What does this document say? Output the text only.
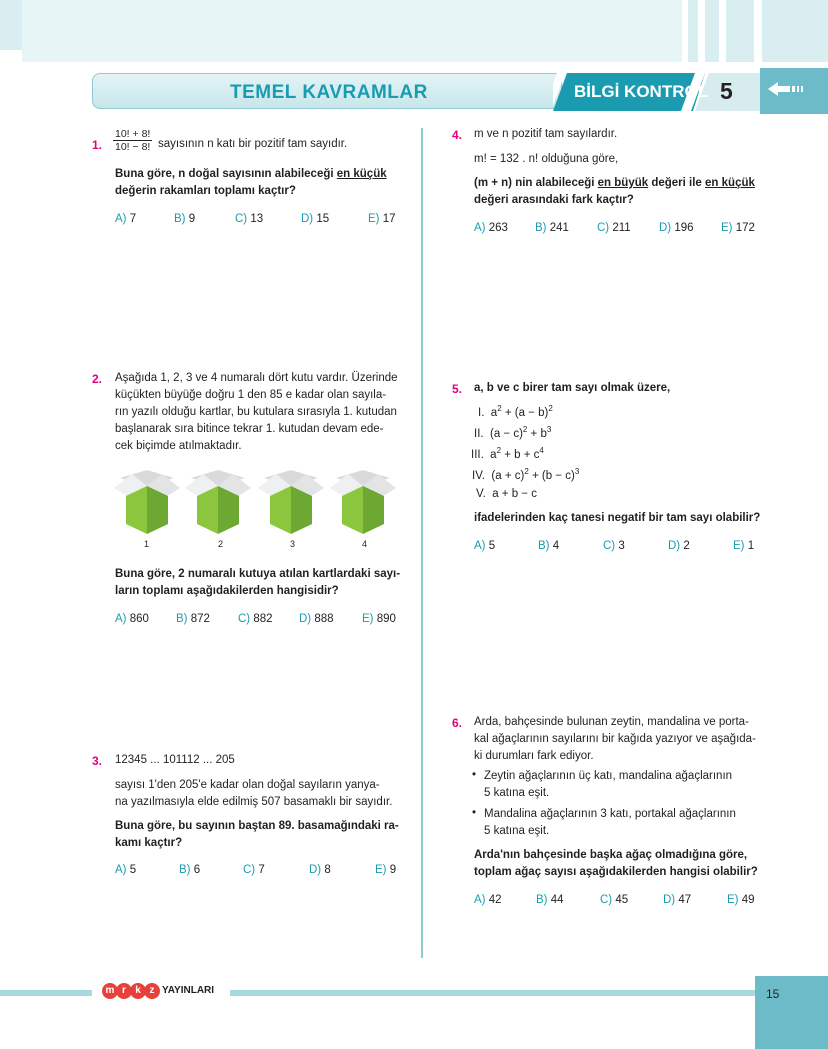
TEMEL KAVRAMLAR	BİLGİ KONTROL 5
1. $\frac{10! + 8!}{10! - 8!}$ sayısının n katı bir pozitif tam sayıdır.
Buna göre, n doğal sayısının alabileceği en küçük
değerin rakamları toplamı kaçtır?
A) 7	B) 9	C) 13	D) 15	E) 17
2. Aşağıda 1, 2, 3 ve 4 numaralı dört kutu vardır. Üzerinde
küçükten büyüğe doğru 1 den 85 e kadar olan sayıla-
rın yazılı olduğu kartlar, bu kutulara sırasıyla 1. kutudan
başlanarak sıra bitince tekrar 1. kutudan devam ede-
cek biçimde atılmaktadır.
1	2	3	4
Buna göre, 2 numaralı kutuya atılan kartlardaki sayı-
ların toplamı aşağıdakilerden hangisidir?
A) 860 B) 872 C) 882 D) 888 E) 890
3. 12345 ... 101112 ... 205
sayısı 1'den 205'e kadar olan doğal sayıların yanya-
na yazılmasıyla elde edilmiş 507 basamaklı bir sayıdır.
Buna göre, bu sayının baştan 89. basamağındaki ra-
kamı kaçtır?
A) 5	B) 6	C) 7	D) 8	E) 9
4. m ve n pozitif tam sayılardır.
m! = 132 . n! olduğuna göre,
(m + n) nin alabileceği en büyük değeri ile en küçük
değeri arasındaki fark kaçtır?
A) 263 B) 241 C) 211 D) 196 E) 172
5. a, b ve c birer tam sayı olmak üzere,
I.  $a^2 + (a - b)^2$
II.  $(a - c)^2 + b^3$
III.  $a^2 + b + c^4$
IV.  $(a + c)^2 + (b - c)^3$
V.  a + b − c
ifadelerinden kaç tanesi negatif bir tam sayı olabilir?
A) 5	B) 4	C) 3	D) 2	E) 1
6. Arda, bahçesinde bulunan zeytin, mandalina ve porta-
kal ağaçlarının sayılarını bir kağıda yazıyor ve aşağıda-
ki durumları fark ediyor.
• Zeytin ağaçlarının üç katı, mandalina ağaçlarının
5 katına eşit.
• Mandalina ağaçlarının 3 katı, portakal ağaçlarının
5 katına eşit.
Arda'nın bahçesinde başka ağaç olmadığına göre,
toplam ağaç sayısı aşağıdakilerden hangisi olabilir?
A) 42	B) 44	C) 45	D) 47	E) 49
m r k z YAYINLARI	15
